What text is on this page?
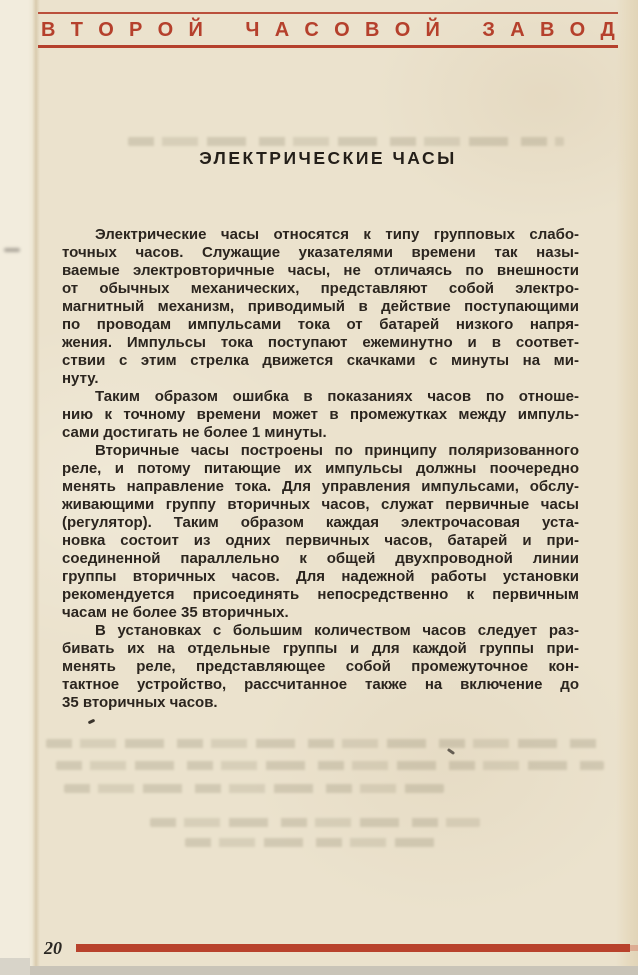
В Т О Р О Й
Ч А С О В О Й
З А В О Д
ЭЛЕКТРИЧЕСКИЕ ЧАСЫ
Электрические часы относятся к типу групповых слабо-
точных часов. Служащие указателями времени так назы-
ваемые электровторичные часы, не отличаясь по внешности
от обычных механических, представляют собой электро-
магнитный механизм, приводимый в действие поступающими
по проводам импульсами тока от батарей низкого напря-
жения. Импульсы тока поступают ежеминутно и в соответ-
ствии с этим стрелка движется скачками с минуты на ми-
нуту.
Таким образом ошибка в показаниях часов по отноше-
нию к точному времени может в промежутках между импуль-
сами достигать не более 1 минуты.
Вторичные часы построены по принципу поляризованного
реле, и потому питающие их импульсы должны поочередно
менять направление тока. Для управления импульсами, обслу-
живающими группу вторичных часов, служат первичные часы
(регулятор). Таким образом каждая электрочасовая уста-
новка состоит из одних первичных часов, батарей и при-
соединенной параллельно к общей двухпроводной линии
группы вторичных часов. Для надежной работы установки
рекомендуется присоединять непосредственно к первичным
часам не более 35 вторичных.
В установках с большим количеством часов следует раз-
бивать их на отдельные группы и для каждой группы при-
менять реле, представляющее собой промежуточное кон-
тактное устройство, рассчитанное также на включение до
35 вторичных часов.
20
